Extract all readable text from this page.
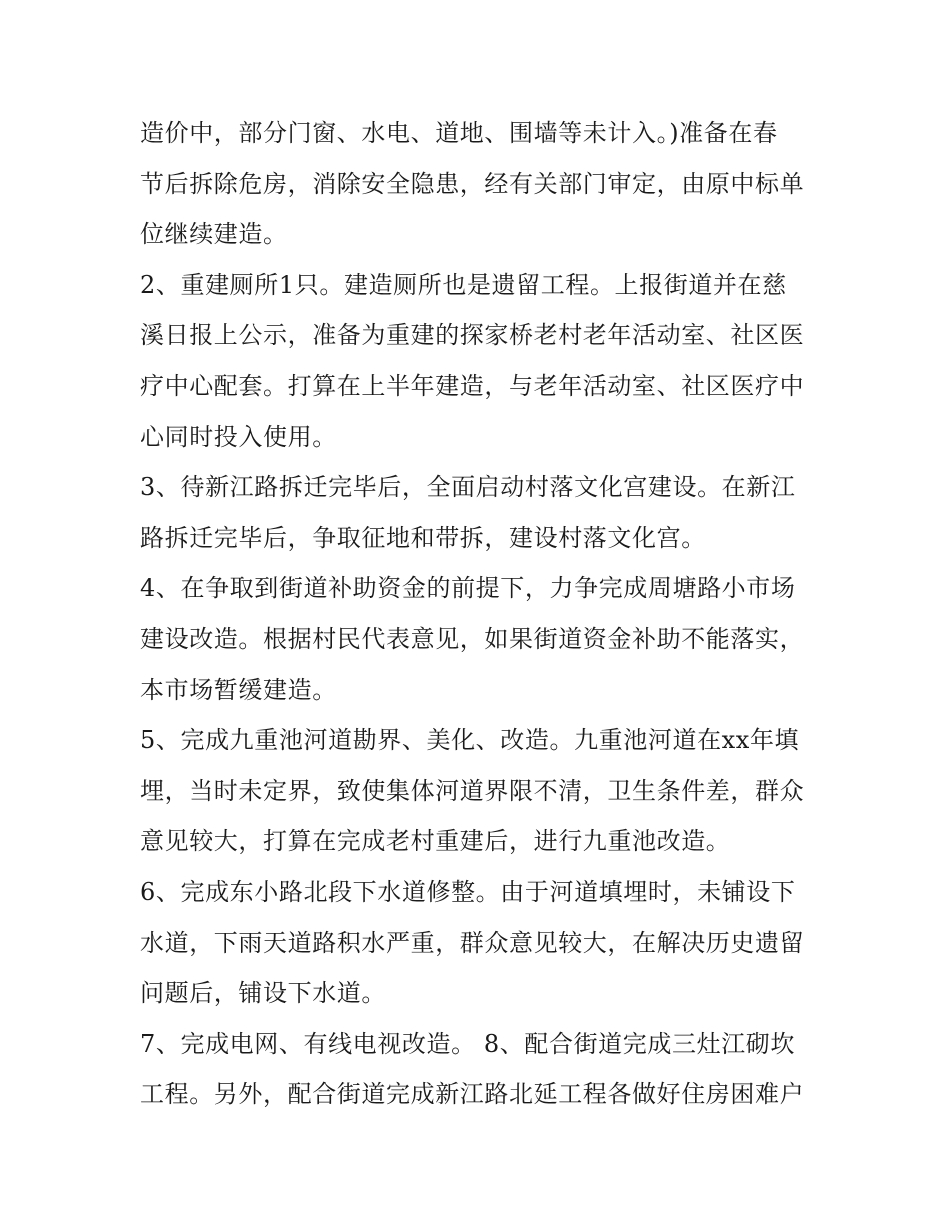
造价中，部分门窗、水电、道地、围墙等未计入。)准备在春
节后拆除危房，消除安全隐患，经有关部门审定，由原中标单
位继续建造。
2、重建厕所1只。建造厕所也是遗留工程。上报街道并在慈
溪日报上公示，准备为重建的探家桥老村老年活动室、社区医
疗中心配套。打算在上半年建造，与老年活动室、社区医疗中
心同时投入使用。
3、待新江路拆迁完毕后，全面启动村落文化宫建设。在新江
路拆迁完毕后，争取征地和带拆，建设村落文化宫。
4、在争取到街道补助资金的前提下，力争完成周塘路小市场
建设改造。根据村民代表意见，如果街道资金补助不能落实，
本市场暂缓建造。
5、完成九重池河道勘界、美化、改造。九重池河道在xx年填
埋，当时未定界，致使集体河道界限不清，卫生条件差，群众
意见较大，打算在完成老村重建后，进行九重池改造。
6、完成东小路北段下水道修整。由于河道填埋时，未铺设下
水道，下雨天道路积水严重，群众意见较大，在解决历史遗留
问题后，铺设下水道。
7、完成电网、有线电视改造。 8、配合街道完成三灶江砌坎
工程。另外，配合街道完成新江路北延工程各做好住房困难户
